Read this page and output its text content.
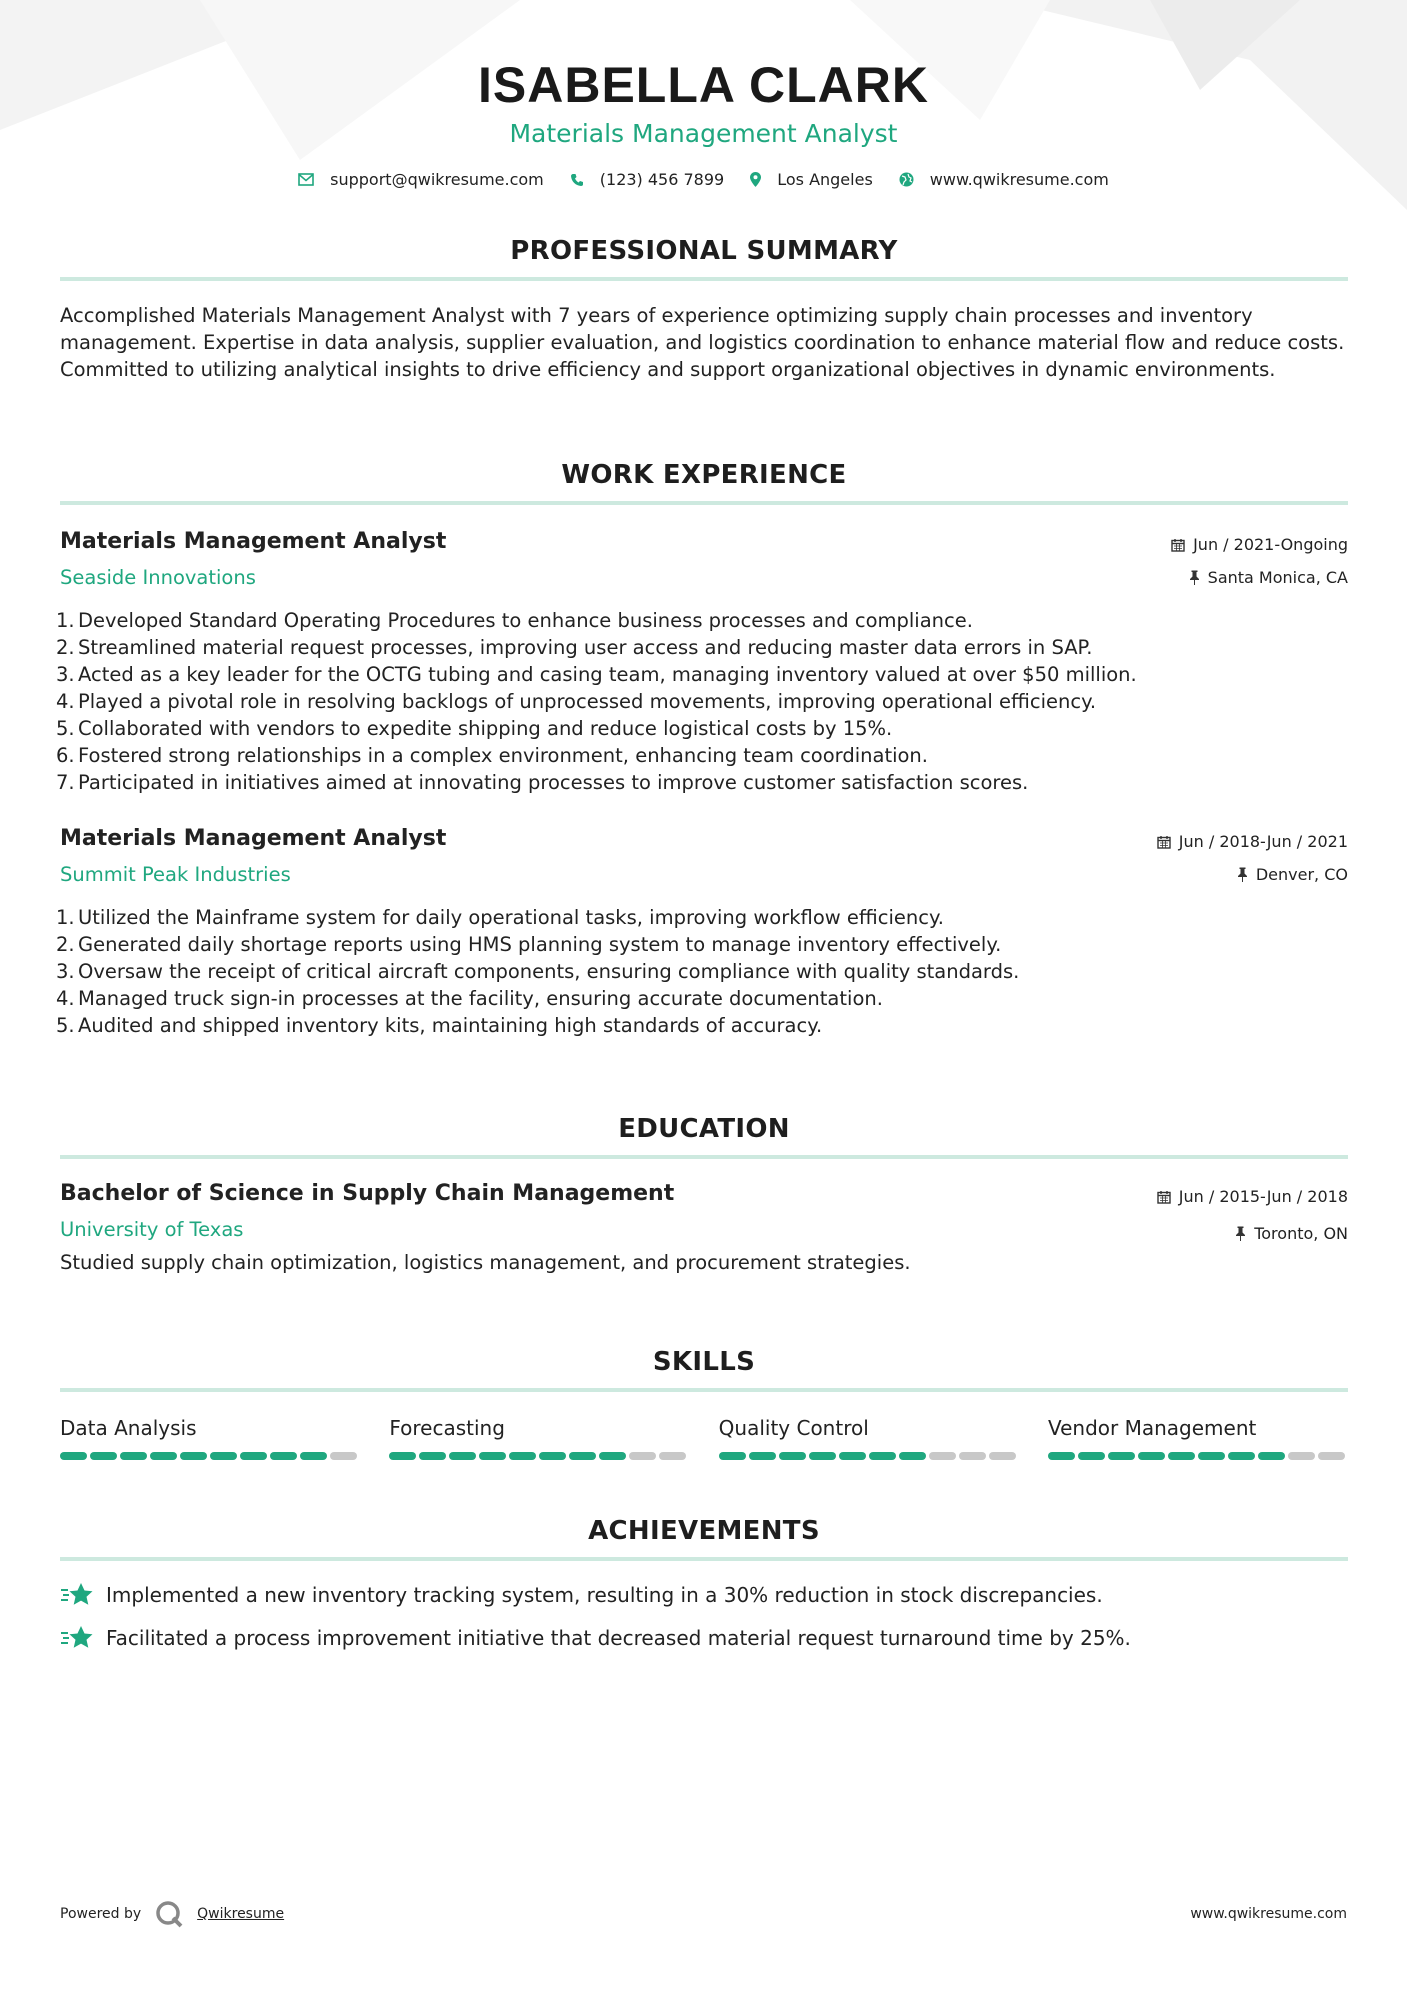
ISABELLA CLARK
Materials Management Analyst
support@qwikresume.com	(123) 456 7899	Los Angeles	www.qwikresume.com
PROFESSIONAL SUMMARY
Accomplished Materials Management Analyst with 7 years of experience optimizing supply chain processes and inventory management. Expertise in data analysis, supplier evaluation, and logistics coordination to enhance material flow and reduce costs. Committed to utilizing analytical insights to drive efficiency and support organizational objectives in dynamic environments.
WORK EXPERIENCE
Materials Management Analyst
Seaside Innovations
Jun / 2021-Ongoing
Santa Monica, CA
Developed Standard Operating Procedures to enhance business processes and compliance.
Streamlined material request processes, improving user access and reducing master data errors in SAP.
Acted as a key leader for the OCTG tubing and casing team, managing inventory valued at over $50 million.
Played a pivotal role in resolving backlogs of unprocessed movements, improving operational efficiency.
Collaborated with vendors to expedite shipping and reduce logistical costs by 15%.
Fostered strong relationships in a complex environment, enhancing team coordination.
Participated in initiatives aimed at innovating processes to improve customer satisfaction scores.
Materials Management Analyst
Summit Peak Industries
Jun / 2018-Jun / 2021
Denver, CO
Utilized the Mainframe system for daily operational tasks, improving workflow efficiency.
Generated daily shortage reports using HMS planning system to manage inventory effectively.
Oversaw the receipt of critical aircraft components, ensuring compliance with quality standards.
Managed truck sign-in processes at the facility, ensuring accurate documentation.
Audited and shipped inventory kits, maintaining high standards of accuracy.
EDUCATION
Bachelor of Science in Supply Chain Management
University of Texas
Jun / 2015-Jun / 2018
Toronto, ON
Studied supply chain optimization, logistics management, and procurement strategies.
SKILLS
Data Analysis	Forecasting	Quality Control	Vendor Management
ACHIEVEMENTS
Implemented a new inventory tracking system, resulting in a 30% reduction in stock discrepancies.
Facilitated a process improvement initiative that decreased material request turnaround time by 25%.
Powered by	Qwikresume	www.qwikresume.com
